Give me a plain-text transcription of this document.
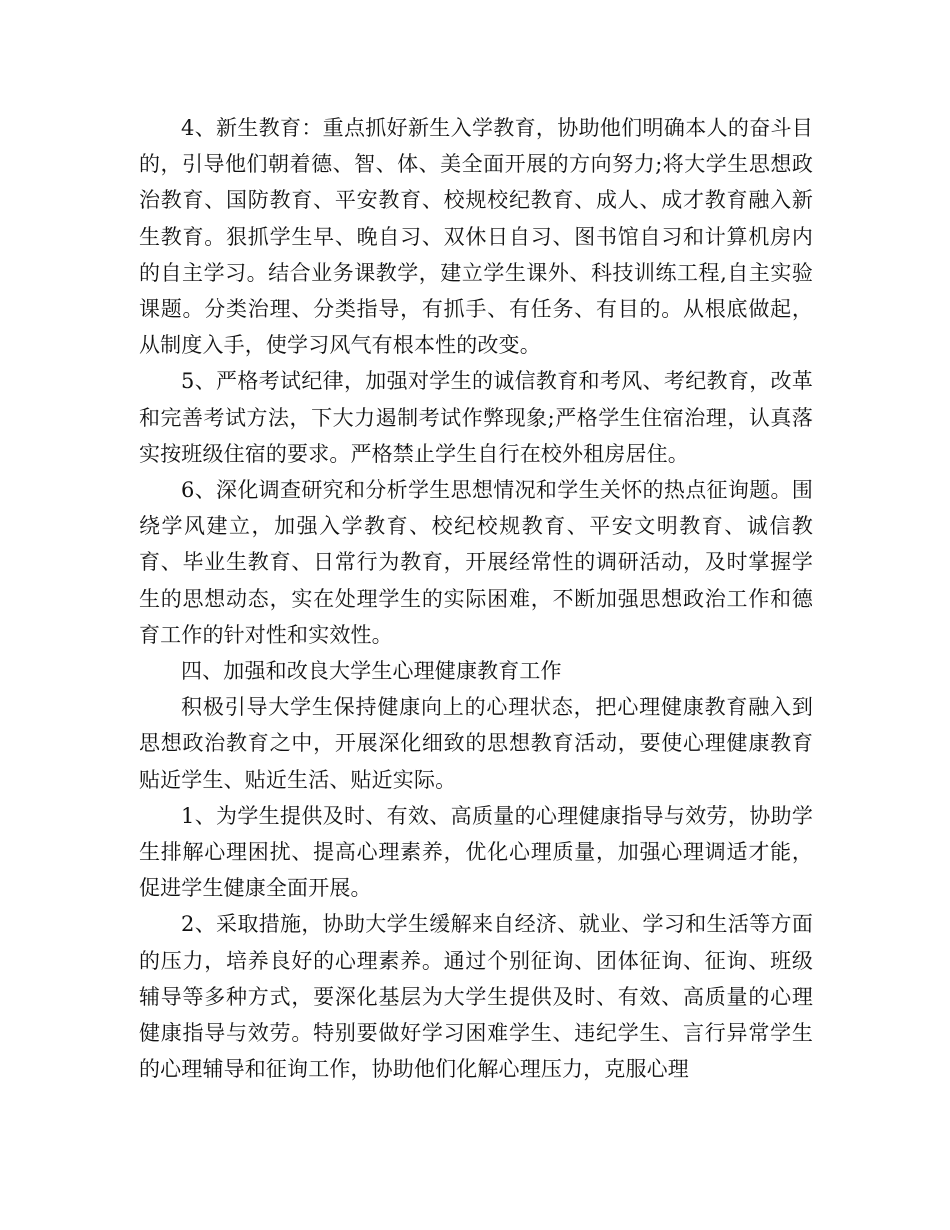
4、新生教育：重点抓好新生入学教育，协助他们明确本人的奋斗目的，引导他们朝着德、智、体、美全面开展的方向努力;将大学生思想政治教育、国防教育、平安教育、校规校纪教育、成人、成才教育融入新生教育。狠抓学生早、晚自习、双休日自习、图书馆自习和计算机房内的自主学习。结合业务课教学，建立学生课外、科技训练工程,自主实验课题。分类治理、分类指导，有抓手、有任务、有目的。从根底做起，从制度入手，使学习风气有根本性的改变。

5、严格考试纪律，加强对学生的诚信教育和考风、考纪教育，改革和完善考试方法，下大力遏制考试作弊现象;严格学生住宿治理，认真落实按班级住宿的要求。严格禁止学生自行在校外租房居住。

6、深化调查研究和分析学生思想情况和学生关怀的热点征询题。围绕学风建立，加强入学教育、校纪校规教育、平安文明教育、诚信教育、毕业生教育、日常行为教育，开展经常性的调研活动，及时掌握学生的思想动态，实在处理学生的实际困难，不断加强思想政治工作和德育工作的针对性和实效性。

四、加强和改良大学生心理健康教育工作

积极引导大学生保持健康向上的心理状态，把心理健康教育融入到思想政治教育之中，开展深化细致的思想教育活动，要使心理健康教育贴近学生、贴近生活、贴近实际。

1、为学生提供及时、有效、高质量的心理健康指导与效劳，协助学生排解心理困扰、提高心理素养，优化心理质量，加强心理调适才能，促进学生健康全面开展。

2、采取措施，协助大学生缓解来自经济、就业、学习和生活等方面的压力，培养良好的心理素养。通过个别征询、团体征询、征询、班级辅导等多种方式，要深化基层为大学生提供及时、有效、高质量的心理健康指导与效劳。特别要做好学习困难学生、违纪学生、言行异常学生的心理辅导和征询工作，协助他们化解心理压力，克服心理
